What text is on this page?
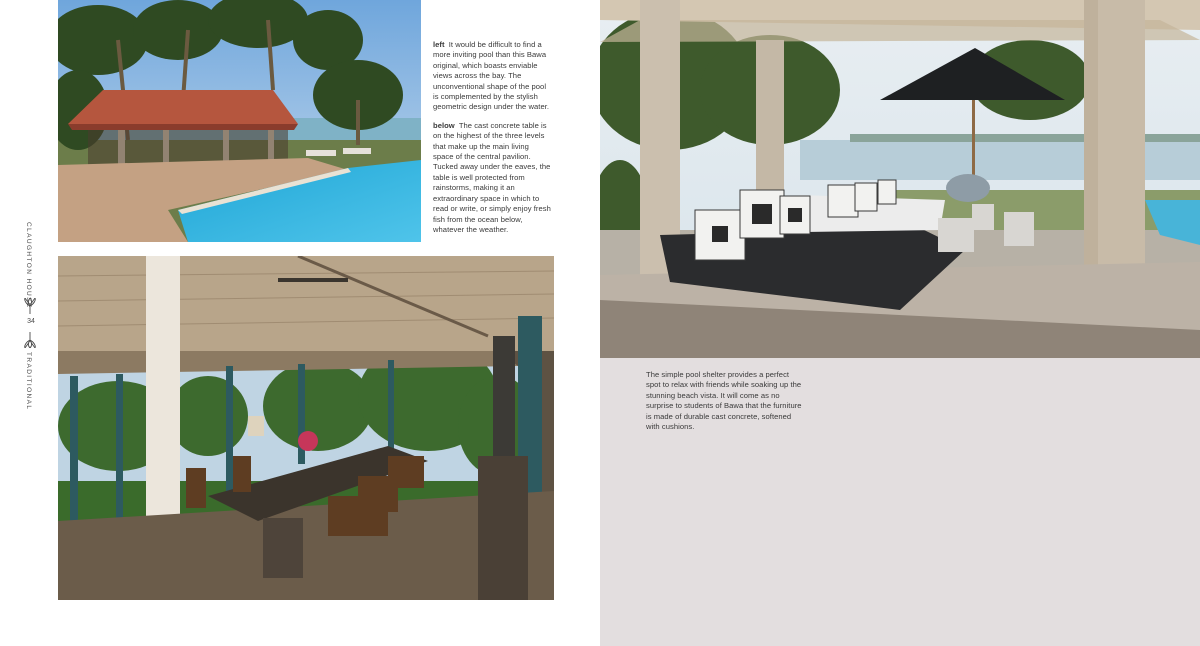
left It would be difficult to find a more inviting pool than this Bawa original, which boasts enviable views across the bay. The unconventional shape of the pool is complemented by the stylish geometric design under the water.

below The cast concrete table is on the highest of the three levels that make up the main living space of the central pavilion. Tucked away under the eaves, the table is well protected from rainstorms, making it an extraordinary space in which to read or write, or simply enjoy fresh fish from the ocean below, whatever the weather.

The simple pool shelter provides a perfect spot to relax with friends while soaking up the stunning beach vista. It will come as no surprise to students of Bawa that the furniture is made of durable cast concrete, softened with cushions.

CLAUGHTON HOUSE
34
TRADITIONAL
